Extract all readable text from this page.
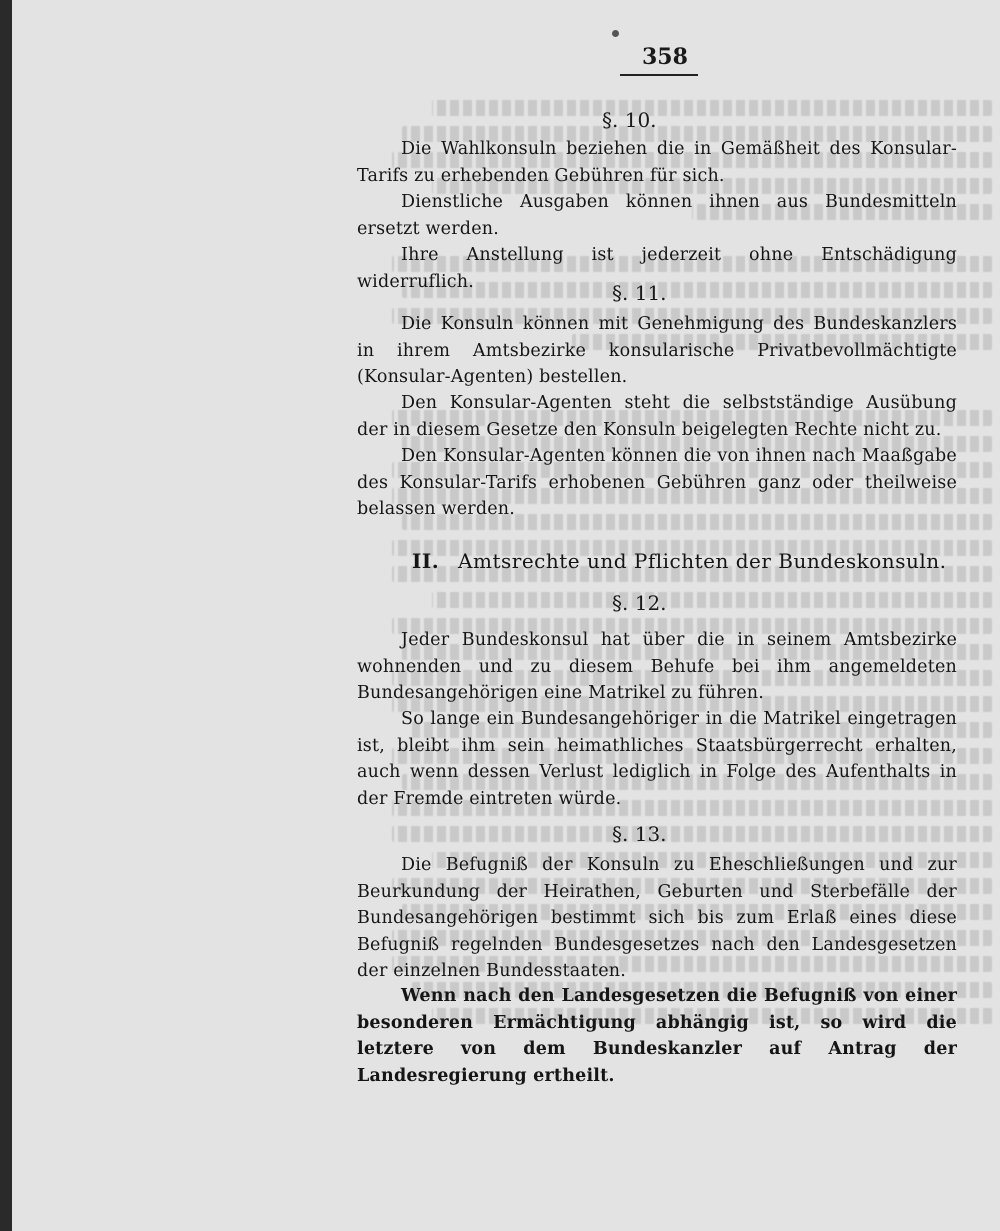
358
§. 10.
Die Wahlkonsuln beziehen die in Gemäßheit des Konsular-Tarifs zu erhebenden Gebühren für sich.
Dienstliche Ausgaben können ihnen aus Bundesmitteln ersetzt werden.
Ihre Anstellung ist jederzeit ohne Entschädigung widerruflich.	§. 11.
Die Konsuln können mit Genehmigung des Bundeskanzlers in ihrem Amtsbezirke konsularische Privatbevollmächtigte (Konsular-Agenten) bestellen.
Den Konsular-Agenten steht die selbstständige Ausübung der in diesem Gesetze den Konsuln beigelegten Rechte nicht zu.
Den Konsular-Agenten können die von ihnen nach Maaßgabe des Konsular-Tarifs erhobenen Gebühren ganz oder theilweise belassen werden.
II. Amtsrechte und Pflichten der Bundeskonsuln.
§. 12.
Jeder Bundeskonsul hat über die in seinem Amtsbezirke wohnenden und zu diesem Behufe bei ihm angemeldeten Bundesangehörigen eine Matrikel zu führen.
So lange ein Bundesangehöriger in die Matrikel eingetragen ist, bleibt ihm sein heimathliches Staatsbürgerrecht erhalten, auch wenn dessen Verlust lediglich in Folge des Aufenthalts in der Fremde eintreten würde.
§. 13.
Die Befugniß der Konsuln zu Eheschließungen und zur Beurkundung der Heirathen, Geburten und Sterbefälle der Bundesangehörigen bestimmt sich bis zum Erlaß eines diese Befugniß regelnden Bundesgesetzes nach den Landesgesetzen der einzelnen Bundesstaaten.
Wenn nach den Landesgesetzen die Befugniß von einer besonderen Ermächtigung abhängig ist, so wird die letztere von dem Bundeskanzler auf Antrag der Landesregierung ertheilt.
